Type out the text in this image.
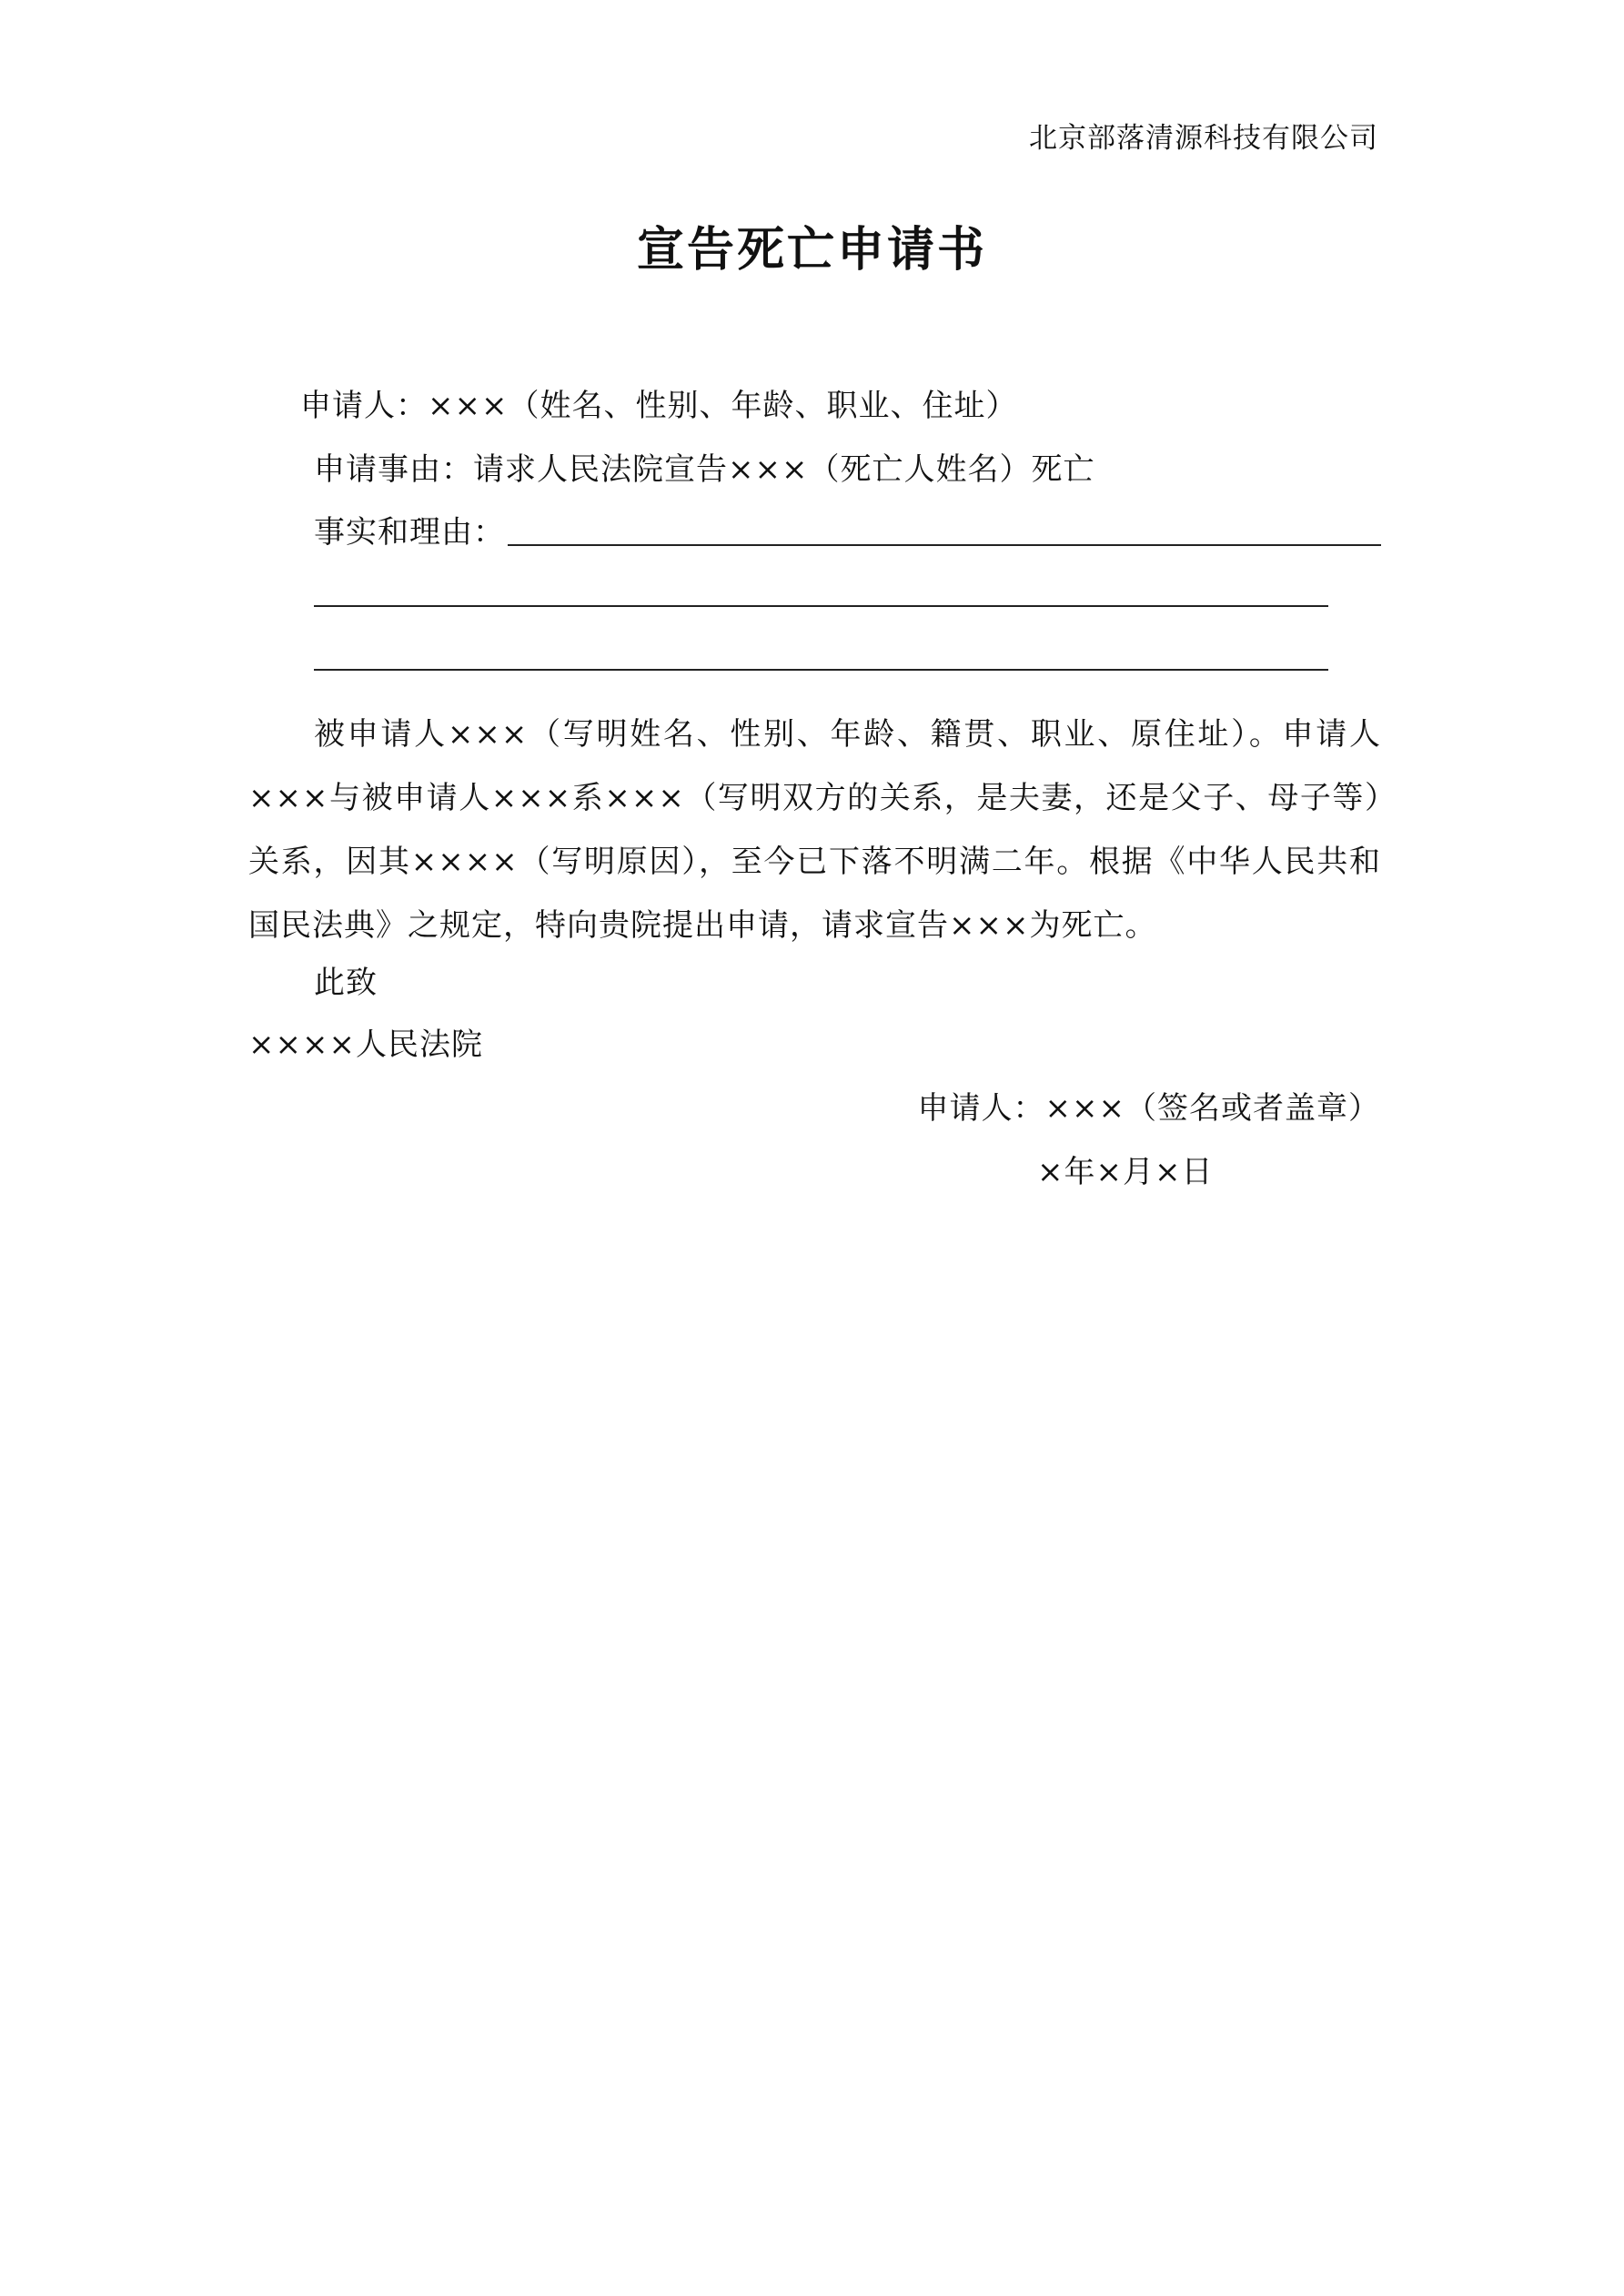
北京部落清源科技有限公司
宣告死亡申请书
申请人：×××（姓名、性别、年龄、职业、住址）
申请事由：请求人民法院宣告×××（死亡人姓名）死亡
事实和理由：
被申请人×××（写明姓名、性别、年龄、籍贯、职业、原住址）。申请人×××与被申请人×××系×××（写明双方的关系，是夫妻，还是父子、母子等）关系，因其××××（写明原因），至今已下落不明满二年。根据《中华人民共和国民法典》之规定，特向贵院提出申请，请求宣告×××为死亡。
此致
××××人民法院
申请人：×××（签名或者盖章）
×年×月×日
